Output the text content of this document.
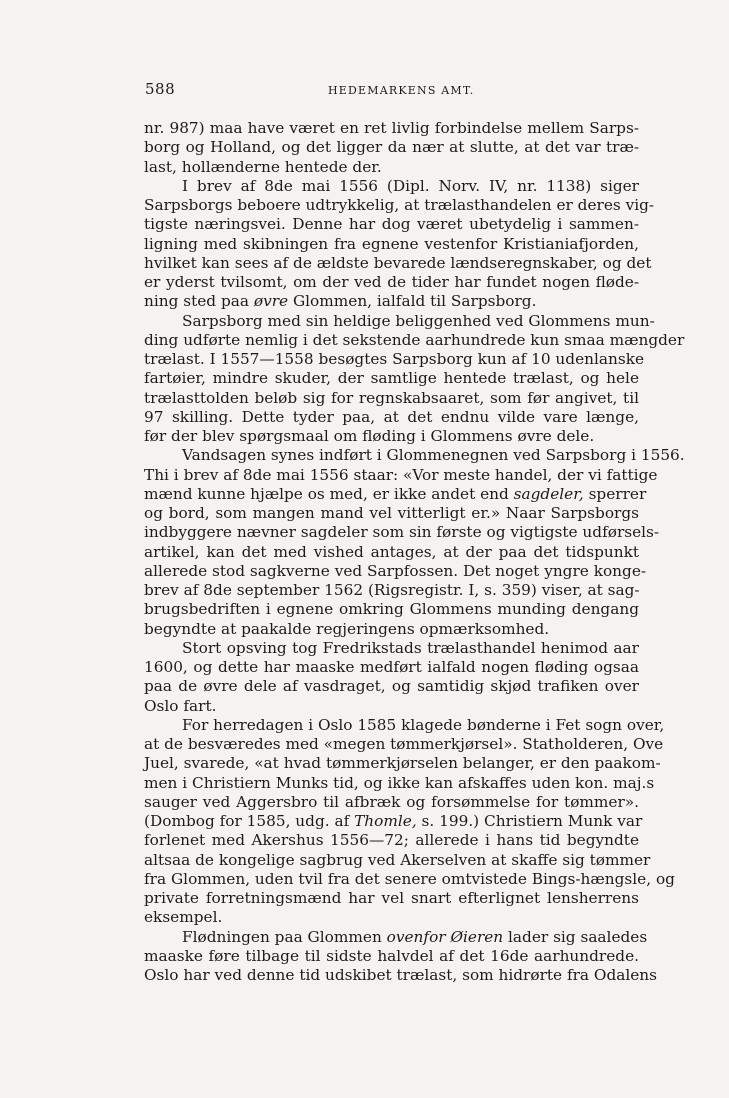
588	HEDEMARKENS AMT.
nr. 987) maa have været en ret livlig forbindelse mellem Sarps-
borg og Holland, og det ligger da nær at slutte, at det var træ-
last, hollænderne hentede der.
I brev af 8de mai 1556 (Dipl. Norv. IV, nr. 1138) siger
Sarpsborgs beboere udtrykkelig, at trælasthandelen er deres vig-
tigste næringsvei. Denne har dog været ubetydelig i sammen-
ligning med skibningen fra egnene vestenfor Kristianiafjorden,
hvilket kan sees af de ældste bevarede lændseregnskaber, og det
er yderst tvilsomt, om der ved de tider har fundet nogen fløde-
ning sted paa øvre Glommen, ialfald til Sarpsborg.
Sarpsborg med sin heldige beliggenhed ved Glommens mun-
ding udførte nemlig i det sekstende aarhundrede kun smaa mængder
trælast. I 1557—1558 besøgtes Sarpsborg kun af 10 udenlanske
fartøier, mindre skuder, der samtlige hentede trælast, og hele
trælasttolden beløb sig for regnskabsaaret, som før angivet, til
97 skilling. Dette tyder paa, at det endnu vilde vare længe,
før der blev spørgsmaal om fløding i Glommens øvre dele.
Vandsagen synes indført i Glommenegnen ved Sarpsborg i 1556.
Thi i brev af 8de mai 1556 staar: «Vor meste handel, der vi fattige
mænd kunne hjælpe os med, er ikke andet end sagdeler, sperrer
og bord, som mangen mand vel vitterligt er.» Naar Sarpsborgs
indbyggere nævner sagdeler som sin første og vigtigste udførsels-
artikel, kan det med vished antages, at der paa det tidspunkt
allerede stod sagkverne ved Sarpfossen. Det noget yngre konge-
brev af 8de september 1562 (Rigsregistr. I, s. 359) viser, at sag-
brugsbedriften i egnene omkring Glommens munding dengang
begyndte at paakalde regjeringens opmærksomhed.
Stort opsving tog Fredrikstads trælasthandel henimod aar
1600, og dette har maaske medført ialfald nogen fløding ogsaa
paa de øvre dele af vasdraget, og samtidig skjød trafiken over
Oslo fart.
For herredagen i Oslo 1585 klagede bønderne i Fet sogn over,
at de besværedes med «megen tømmerkjørsel». Statholderen, Ove
Juel, svarede, «at hvad tømmerkjørselen belanger, er den paakom-
men i Christiern Munks tid, og ikke kan afskaffes uden kon. maj.s
sauger ved Aggersbro til afbræk og forsømmelse for tømmer».
(Dombog for 1585, udg. af Thomle, s. 199.) Christiern Munk var
forlenet med Akershus 1556—72; allerede i hans tid begyndte
altsaa de kongelige sagbrug ved Akerselven at skaffe sig tømmer
fra Glommen, uden tvil fra det senere omtvistede Bings-hængsle, og
private forretningsmænd har vel snart efterlignet lensherrens
eksempel.
Flødningen paa Glommen ovenfor Øieren lader sig saaledes
maaske føre tilbage til sidste halvdel af det 16de aarhundrede.
Oslo har ved denne tid udskibet trælast, som hidrørte fra Odalens
